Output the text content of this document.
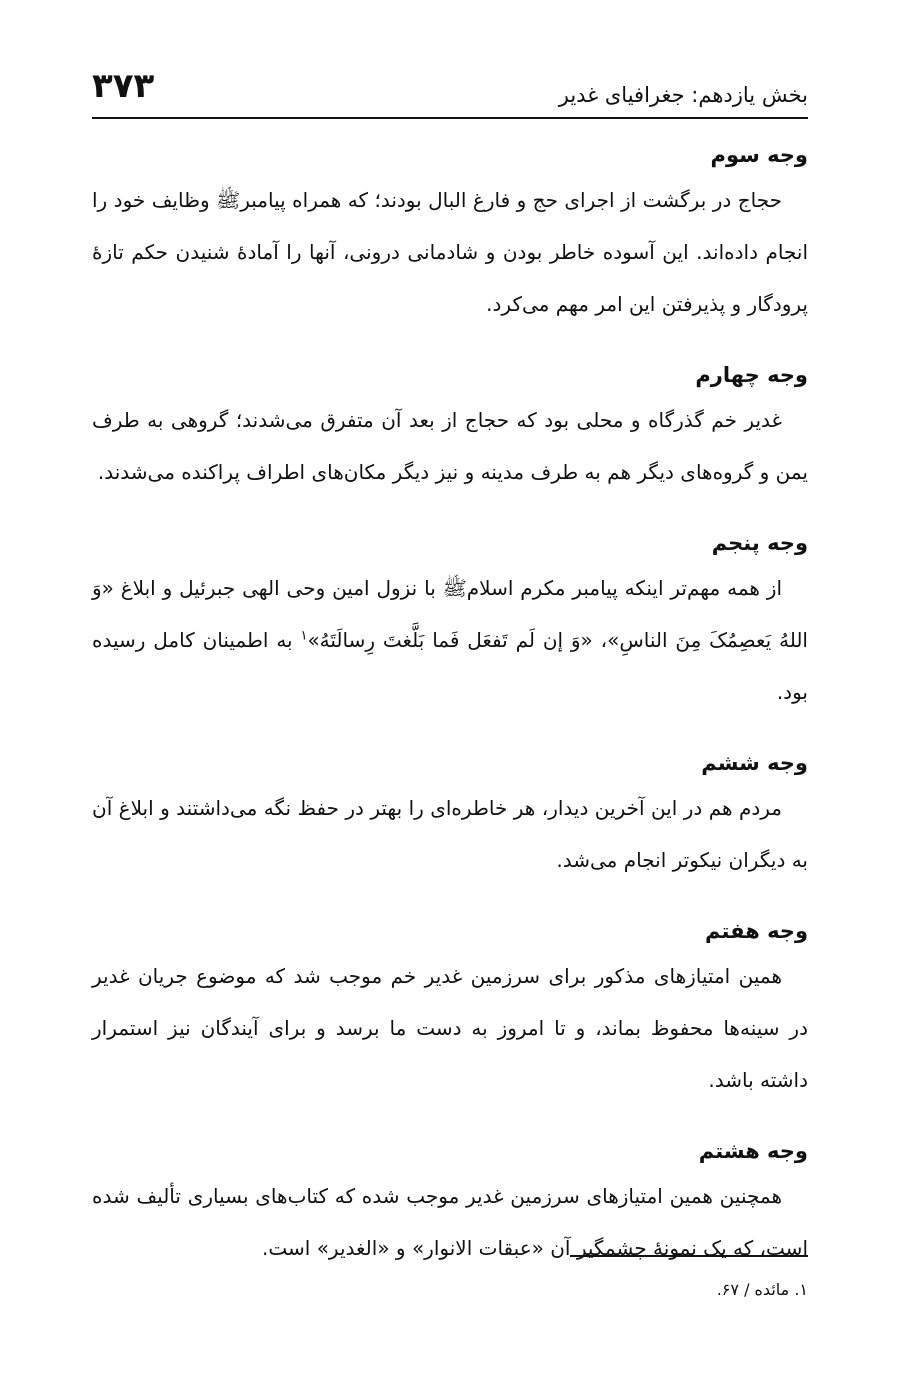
بخش یازدهم: جغرافیای غدیر
۳۷۳
وجه سوم

حجاج در برگشت از اجرای حج و فارغ البال بودند؛ که همراه پیامبرﷺ وظایف خود را انجام داده‌اند. این آسوده خاطر بودن و شادمانی درونی، آنها را آمادۀ شنیدن حکم تازۀ پرودگار و پذیرفتن این امر مهم می‌کرد.

وجه چهارم

غدیر خم گذرگاه و محلی بود که حجاج از بعد آن متفرق می‌شدند؛ گروهی به طرف یمن و گروه‌های دیگر هم به طرف مدینه و نیز دیگر مکان‌های اطراف پراکنده می‌شدند.

وجه پنجم

از همه مهم‌تر اینکه پیامبر مکرم اسلامﷺ با نزول امین وحی الهی جبرئیل و ابلاغ «وَ اللهُ یَعصِمُکَ مِنَ الناسِ»، «وَ إن لَم تَفعَل فَما بَلَّغتَ رِسالَتَهُ»$^۱$ به اطمینان کامل رسیده بود.

وجه ششم

مردم هم در این آخرین دیدار، هر خاطره‌ای را بهتر در حفظ نگه می‌داشتند و ابلاغ آن به دیگران نیکوتر انجام می‌شد.

وجه هفتم

همین امتیازهای مذکور برای سرزمین غدیر خم موجب شد که موضوع جریان غدیر در سینه‌ها محفوظ بماند، و تا امروز به دست ما برسد و برای آیندگان نیز استمرار داشته باشد.

وجه هشتم

همچنین همین امتیازهای سرزمین غدیر موجب شده که کتاب‌های بسیاری تألیف شده است، که یک نمونۀ چشمگیر آن «عبقات الانوار» و «الغدیر» است.

۱. مائده / ۶۷.
